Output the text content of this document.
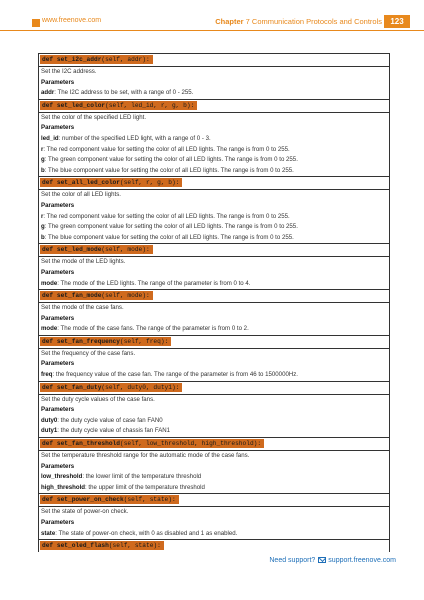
www.freenove.com	Chapter 7 Communication Protocols and Controls	123
def set_i2c_addr(self, addr):
Set the I2C address.
Parameters
addr: The I2C address to be set, with a range of 0 - 255.
def set_led_color(self, led_id, r, g, b):
Set the color of the specified LED light.
Parameters
led_id: number of the specified LED light, with a range of 0 - 3.
r: The red component value for setting the color of all LED lights. The range is from 0 to 255.
g: The green component value for setting the color of all LED lights. The range is from 0 to 255.
b: The blue component value for setting the color of all LED lights. The range is from 0 to 255.
def set_all_led_color(self, r, g, b):
Set the color of all LED lights.
Parameters
r: The red component value for setting the color of all LED lights. The range is from 0 to 255.
g: The green component value for setting the color of all LED lights. The range is from 0 to 255.
b: The blue component value for setting the color of all LED lights. The range is from 0 to 255.
def set_led_mode(self, mode):
Set the mode of the LED lights.
Parameters
mode: The mode of the LED lights. The range of the parameter is from 0 to 4.
def set_fan_mode(self, mode):
Set the mode of the case fans.
Parameters
mode: The mode of the case fans. The range of the parameter is from 0 to 2.
def set_fan_frequency(self, freq):
Set the frequency of the case fans.
Parameters
freq: the frequency value of the case fan. The range of the parameter is from 46 to 1500000Hz.
def set_fan_duty(self, duty0, duty1):
Set the duty cycle values of the case fans.
Parameters
duty0: the duty cycle value of case fan FAN0
duty1: the duty cycle value of chassis fan FAN1
def set_fan_threshold(self, low_threshold, high_threshold):
Set the temperature threshold range for the automatic mode of the case fans.
Parameters
low_threshold: the lower limit of the temperature threshold
high_threshold: the upper limit of the temperature threshold
def set_power_on_check(self, state):
Set the state of power-on check.
Parameters
state: The state of power-on check, with 0 as disabled and 1 as enabled.
def set_oled_flash(self, state):
Need support? support.freenove.com
